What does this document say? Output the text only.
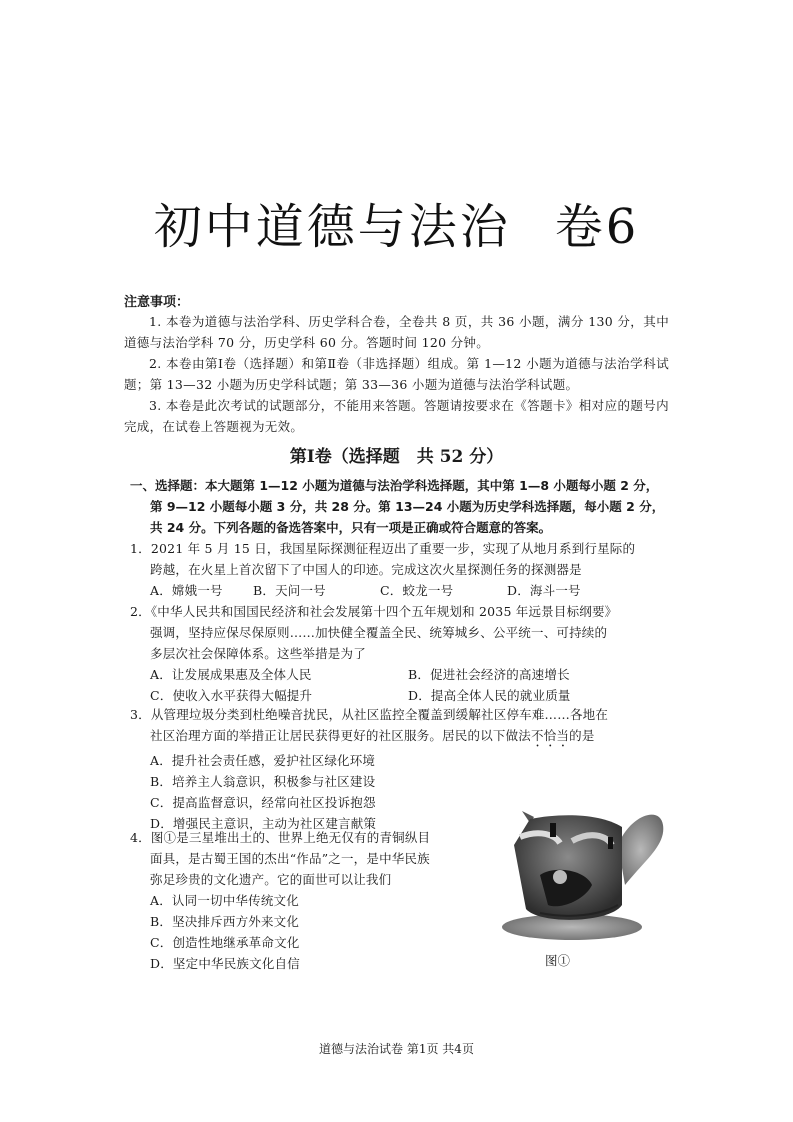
初中道德与法治 卷6
注意事项：
1. 本卷为道德与法治学科、历史学科合卷，全卷共 8 页，共 36 小题，满分 130 分，其中道德与法治学科 70 分，历史学科 60 分。答题时间 120 分钟。
2. 本卷由第Ⅰ卷（选择题）和第Ⅱ卷（非选择题）组成。第 1—12 小题为道德与法治学科试题；第 13—32 小题为历史学科试题；第 33—36 小题为道德与法治学科试题。
3. 本卷是此次考试的试题部分，不能用来答题。答题请按要求在《答题卡》相对应的题号内完成，在试卷上答题视为无效。
第Ⅰ卷（选择题　共 52 分）
一、选择题：本大题第 1—12 小题为道德与法治学科选择题，其中第 1—8 小题每小题 2 分，
第 9—12 小题每小题 3 分，共 28 分。第 13—24 小题为历史学科选择题，每小题 2 分，
共 24 分。下列各题的备选答案中，只有一项是正确或符合题意的答案。
1．2021 年 5 月 15 日，我国星际探测征程迈出了重要一步，实现了从地月系到行星际的
跨越，在火星上首次留下了中国人的印迹。完成这次火星探测任务的探测器是
A．嫦娥一号	B．天问一号	C．蛟龙一号	D．海斗一号
2．《中华人民共和国国民经济和社会发展第十四个五年规划和 2035 年远景目标纲要》
强调，坚持应保尽保原则……加快健全覆盖全民、统筹城乡、公平统一、可持续的
多层次社会保障体系。这些举措是为了
A．让发展成果惠及全体人民	B．促进社会经济的高速增长
C．使收入水平获得大幅提升	D．提高全体人民的就业质量
3．从管理垃圾分类到杜绝噪音扰民，从社区监控全覆盖到缓解社区停车难……各地在
社区治理方面的举措正让居民获得更好的社区服务。居民的以下做法不恰当的是
A．提升社会责任感，爱护社区绿化环境
B．培养主人翁意识，积极参与社区建设
C．提高监督意识，经常向社区投诉抱怨
D．增强民主意识，主动为社区建言献策
4．图①是三星堆出土的、世界上绝无仅有的青铜纵目
面具，是古蜀王国的杰出“作品”之一，是中华民族
弥足珍贵的文化遗产。它的面世可以让我们
A．认同一切中华传统文化
B．坚决排斥西方外来文化
C．创造性地继承革命文化
D．坚定中华民族文化自信	图①
道德与法治试卷 第1页 共4页
